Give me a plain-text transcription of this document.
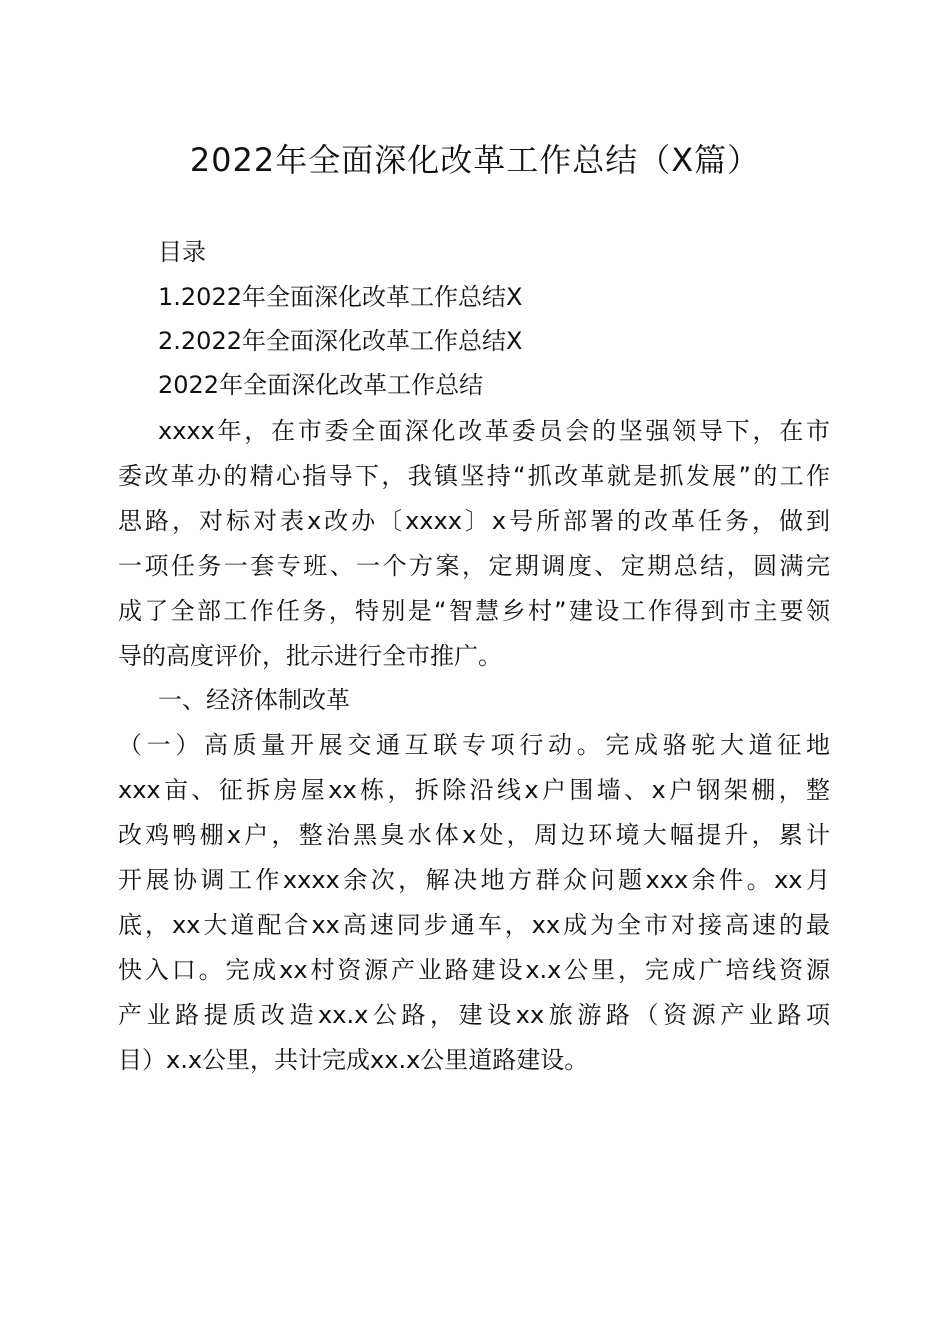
2022年全面深化改革工作总结（X篇）

目录

1.2022年全面深化改革工作总结X

2.2022年全面深化改革工作总结X

2022年全面深化改革工作总结

xxxx年，在市委全面深化改革委员会的坚强领导下，在市

委改革办的精心指导下，我镇坚持“抓改革就是抓发展”的工作

思路，对标对表x改办〔xxxx〕x号所部署的改革任务，做到

一项任务一套专班、一个方案，定期调度、定期总结，圆满完

成了全部工作任务，特别是“智慧乡村”建设工作得到市主要领

导的高度评价，批示进行全市推广。

一、经济体制改革

（一）高质量开展交通互联专项行动。完成骆驼大道征地

xxx亩、征拆房屋xx栋，拆除沿线x户围墙、x户钢架棚，整

改鸡鸭棚x户，整治黑臭水体x处，周边环境大幅提升，累计

开展协调工作xxxx余次，解决地方群众问题xxx余件。xx月

底，xx大道配合xx高速同步通车，xx成为全市对接高速的最

快入口。完成xx村资源产业路建设x.x公里，完成广培线资源

产业路提质改造xx.x公路，建设xx旅游路（资源产业路项

目）x.x公里，共计完成xx.x公里道路建设。
